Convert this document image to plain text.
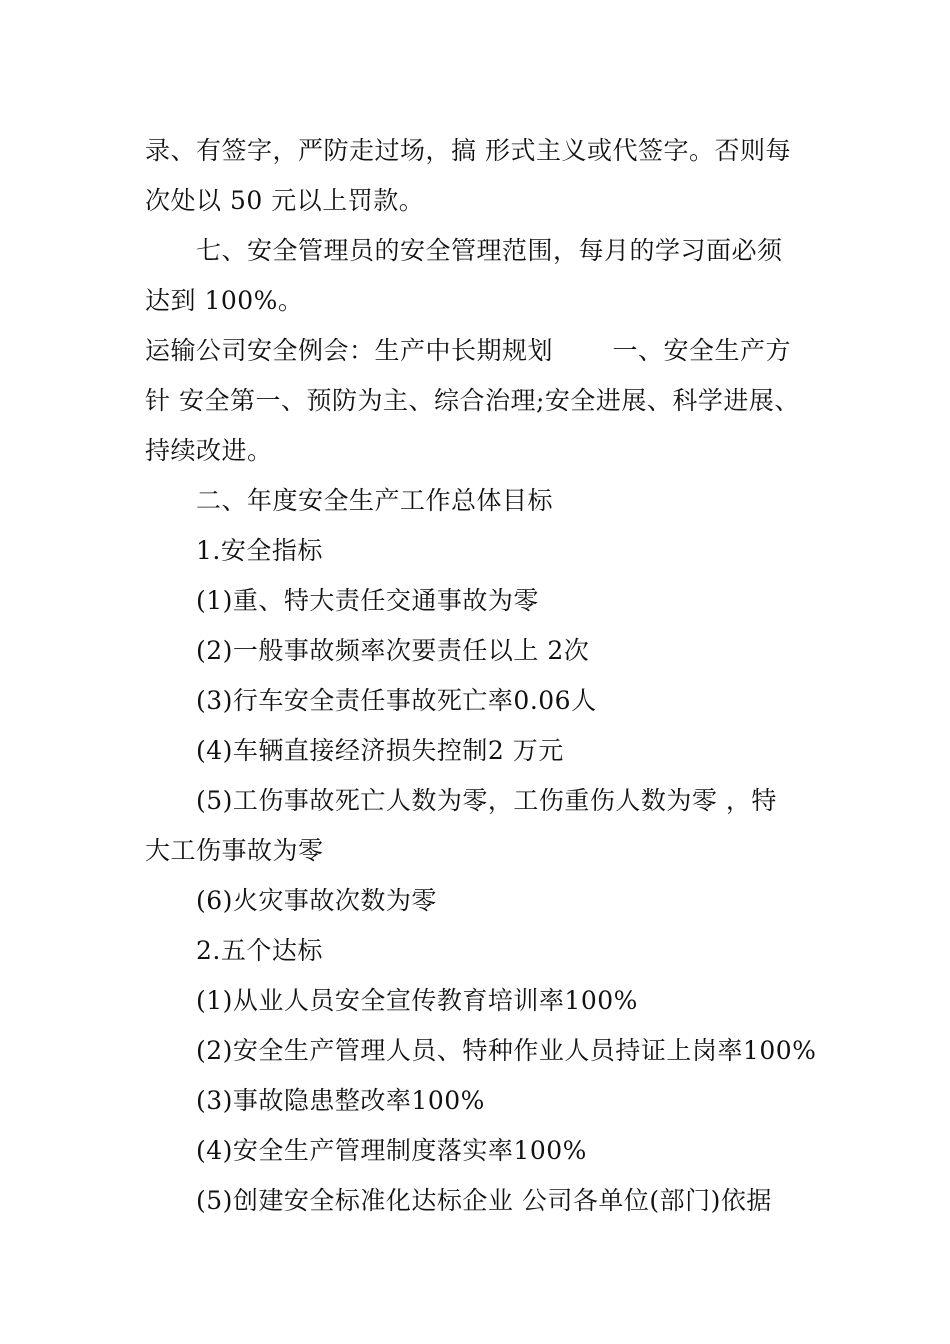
录、有签字，严防走过场，搞 形式主义或代签字。否则每
次处以 50 元以上罚款。
七、安全管理员的安全管理范围，每月的学习面必须
达到 100%。
运输公司安全例会：生产中长期规划　　 一、安全生产方
针 安全第一、预防为主、综合治理;安全进展、科学进展、
持续改进。
二、年度安全生产工作总体目标
1.安全指标
(1)重、特大责任交通事故为零
(2)一般事故频率次要责任以上 2次
(3)行车安全责任事故死亡率0.06人
(4)车辆直接经济损失控制2 万元
(5)工伤事故死亡人数为零，工伤重伤人数为零 ，特
大工伤事故为零
(6)火灾事故次数为零
2.五个达标
(1)从业人员安全宣传教育培训率100%
(2)安全生产管理人员、特种作业人员持证上岗率100%
(3)事故隐患整改率100%
(4)安全生产管理制度落实率100%
(5)创建安全标准化达标企业 公司各单位(部门)依据
